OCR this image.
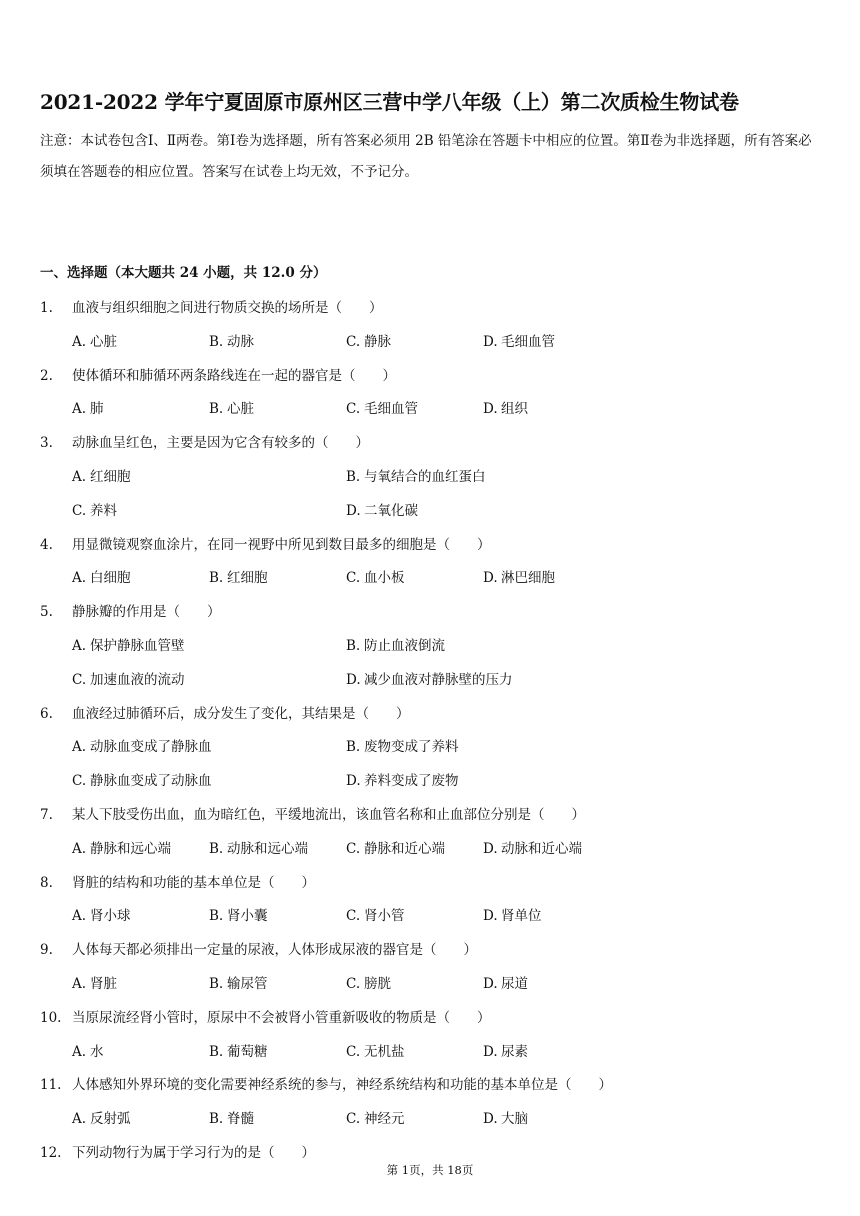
2021-2022 学年宁夏固原市原州区三营中学八年级（上）第二次质检生物试卷
注意：本试卷包含Ⅰ、Ⅱ两卷。第Ⅰ卷为选择题，所有答案必须用 2B 铅笔涂在答题卡中相应的位置。第Ⅱ卷为非选择题，所有答案必须填在答题卷的相应位置。答案写在试卷上均无效，不予记分。
一、选择题（本大题共 24 小题，共 12.0 分）
1. 血液与组织细胞之间进行物质交换的场所是（　　）
A. 心脏	B. 动脉	C. 静脉	D. 毛细血管
2. 使体循环和肺循环两条路线连在一起的器官是（　　）
A. 肺	B. 心脏	C. 毛细血管	D. 组织
3. 动脉血呈红色，主要是因为它含有较多的（　　）
A. 红细胞	B. 与氧结合的血红蛋白
C. 养料	D. 二氧化碳
4. 用显微镜观察血涂片，在同一视野中所见到数目最多的细胞是（　　）
A. 白细胞	B. 红细胞	C. 血小板	D. 淋巴细胞
5. 静脉瓣的作用是（　　）
A. 保护静脉血管壁	B. 防止血液倒流
C. 加速血液的流动	D. 减少血液对静脉壁的压力
6. 血液经过肺循环后，成分发生了变化，其结果是（　　）
A. 动脉血变成了静脉血	B. 废物变成了养料
C. 静脉血变成了动脉血	D. 养料变成了废物
7. 某人下肢受伤出血，血为暗红色，平缓地流出，该血管名称和止血部位分别是（　　）
A. 静脉和远心端	B. 动脉和远心端	C. 静脉和近心端	D. 动脉和近心端
8. 肾脏的结构和功能的基本单位是（　　）
A. 肾小球	B. 肾小囊	C. 肾小管	D. 肾单位
9. 人体每天都必须排出一定量的尿液，人体形成尿液的器官是（　　）
A. 肾脏	B. 输尿管	C. 膀胱	D. 尿道
10. 当原尿流经肾小管时，原尿中不会被肾小管重新吸收的物质是（　　）
A. 水	B. 葡萄糖	C. 无机盐	D. 尿素
11. 人体感知外界环境的变化需要神经系统的参与，神经系统结构和功能的基本单位是（　　）
A. 反射弧	B. 脊髓	C. 神经元	D. 大脑
12. 下列动物行为属于学习行为的是（　　）
第 1页，共 18页
